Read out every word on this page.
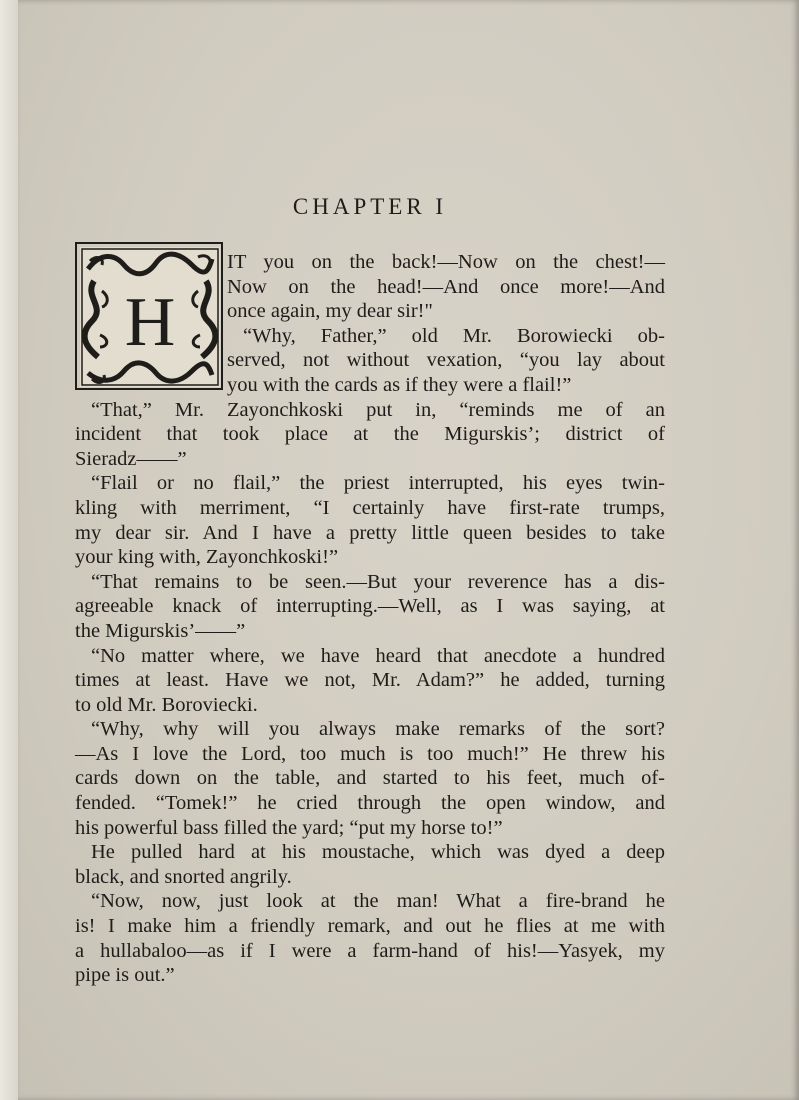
CHAPTER I
H

IT you on the back!—Now on the chest!—
Now on the head!—And once more!—And
once again, my dear sir!"

“Why, Father,” old Mr. Borowiecki ob-
served, not without vexation, “you lay about
you with the cards as if they were a flail!”

“That,” Mr. Zayonchkoski put in, “reminds me of an
incident that took place at the Migurskis’; district of
Sieradz——”

“Flail or no flail,” the priest interrupted, his eyes twin-
kling with merriment, “I certainly have first-rate trumps,
my dear sir. And I have a pretty little queen besides to take
your king with, Zayonchkoski!”

“That remains to be seen.—But your reverence has a dis-
agreeable knack of interrupting.—Well, as I was saying, at
the Migurskis’——”

“No matter where, we have heard that anecdote a hundred
times at least. Have we not, Mr. Adam?” he added, turning
to old Mr. Boroviecki.

“Why, why will you always make remarks of the sort?
—As I love the Lord, too much is too much!” He threw his
cards down on the table, and started to his feet, much of-
fended. “Tomek!” he cried through the open window, and
his powerful bass filled the yard; “put my horse to!”

He pulled hard at his moustache, which was dyed a deep
black, and snorted angrily.

“Now, now, just look at the man! What a fire-brand he
is! I make him a friendly remark, and out he flies at me with
a hullabaloo—as if I were a farm-hand of his!—Yasyek, my
pipe is out.”
